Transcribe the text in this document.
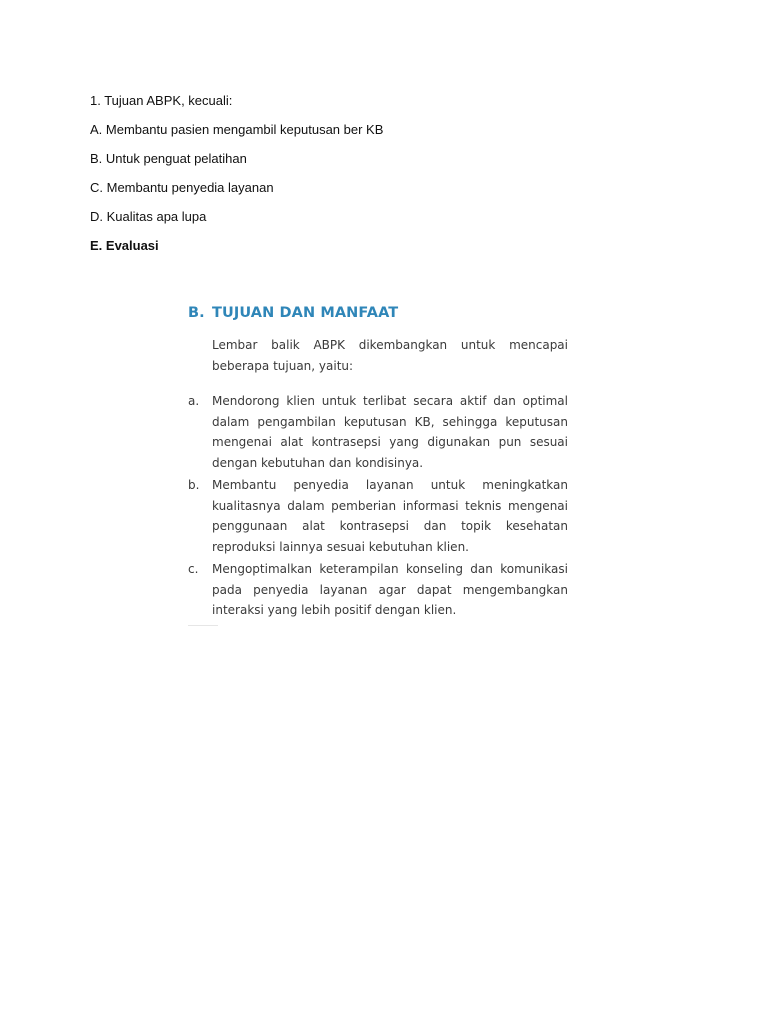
1. Tujuan ABPK, kecuali:

A. Membantu pasien mengambil keputusan ber KB

B. Untuk penguat pelatihan

C. Membantu penyedia layanan

D. Kualitas apa lupa

E. Evaluasi

B. TUJUAN DAN MANFAAT
Lembar balik ABPK dikembangkan untuk mencapai beberapa tujuan, yaitu:
a.	Mendorong klien untuk terlibat secara aktif dan optimal dalam pengambilan keputusan KB, sehingga keputusan mengenai alat kontrasepsi yang digunakan pun sesuai dengan kebutuhan dan kondisinya.
b.	Membantu penyedia layanan untuk meningkatkan kualitasnya dalam pemberian informasi teknis mengenai penggunaan alat kontrasepsi dan topik kesehatan reproduksi lainnya sesuai kebutuhan klien.
c.	Mengoptimalkan keterampilan konseling dan komunikasi pada penyedia layanan agar dapat mengembangkan interaksi yang lebih positif dengan klien.
